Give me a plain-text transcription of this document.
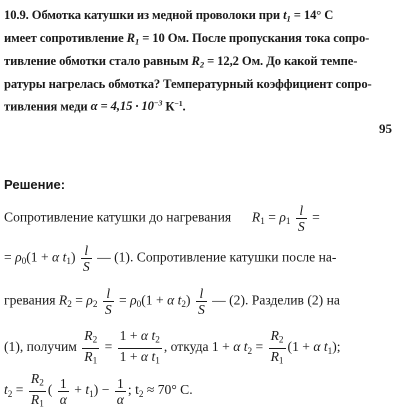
10.9. Обмотка катушки из медной проволоки при $t_1 = 14^\circ$ C
имеет сопротивление $R_1 = 10$ Ом. После пропускания тока сопро-
тивление обмотки стало равным $R_2 = 12,2$ Ом. До какой темпе-
ратуры нагрелась обмотка? Температурный коэффициент сопро-
тивления меди $\alpha = 4,15 \cdot 10^{-3}$ $К^{-1}$.
95
Решение:
Сопротивление катушки до нагревания $R_1 = \rho_1 \frac{l}{S}$ =
= $\rho_0(1 + \alpha$ $t_1) \frac{l}{S}$ — (1). Сопротивление катушки после на-
гревания $R_2 = \rho_2 \frac{l}{S} = \rho_0(1 + \alpha$ $t_2) \frac{l}{S}$ — (2). Разделив (2) на
(1), получим $\frac{R_2}{R_1} = \frac{1 + \alpha t_2}{1 + \alpha t_1}$ , откуда 1 + α $t_2 = \frac{R_2}{R_1} (1 + \alpha$ $t_1$);
$t_2 = \frac{R_2}{R_1}$ ( $\frac{1}{\alpha} + t_1) - \frac{1}{\alpha}$ ; $t_2 \approx 70^\circ$ С.
